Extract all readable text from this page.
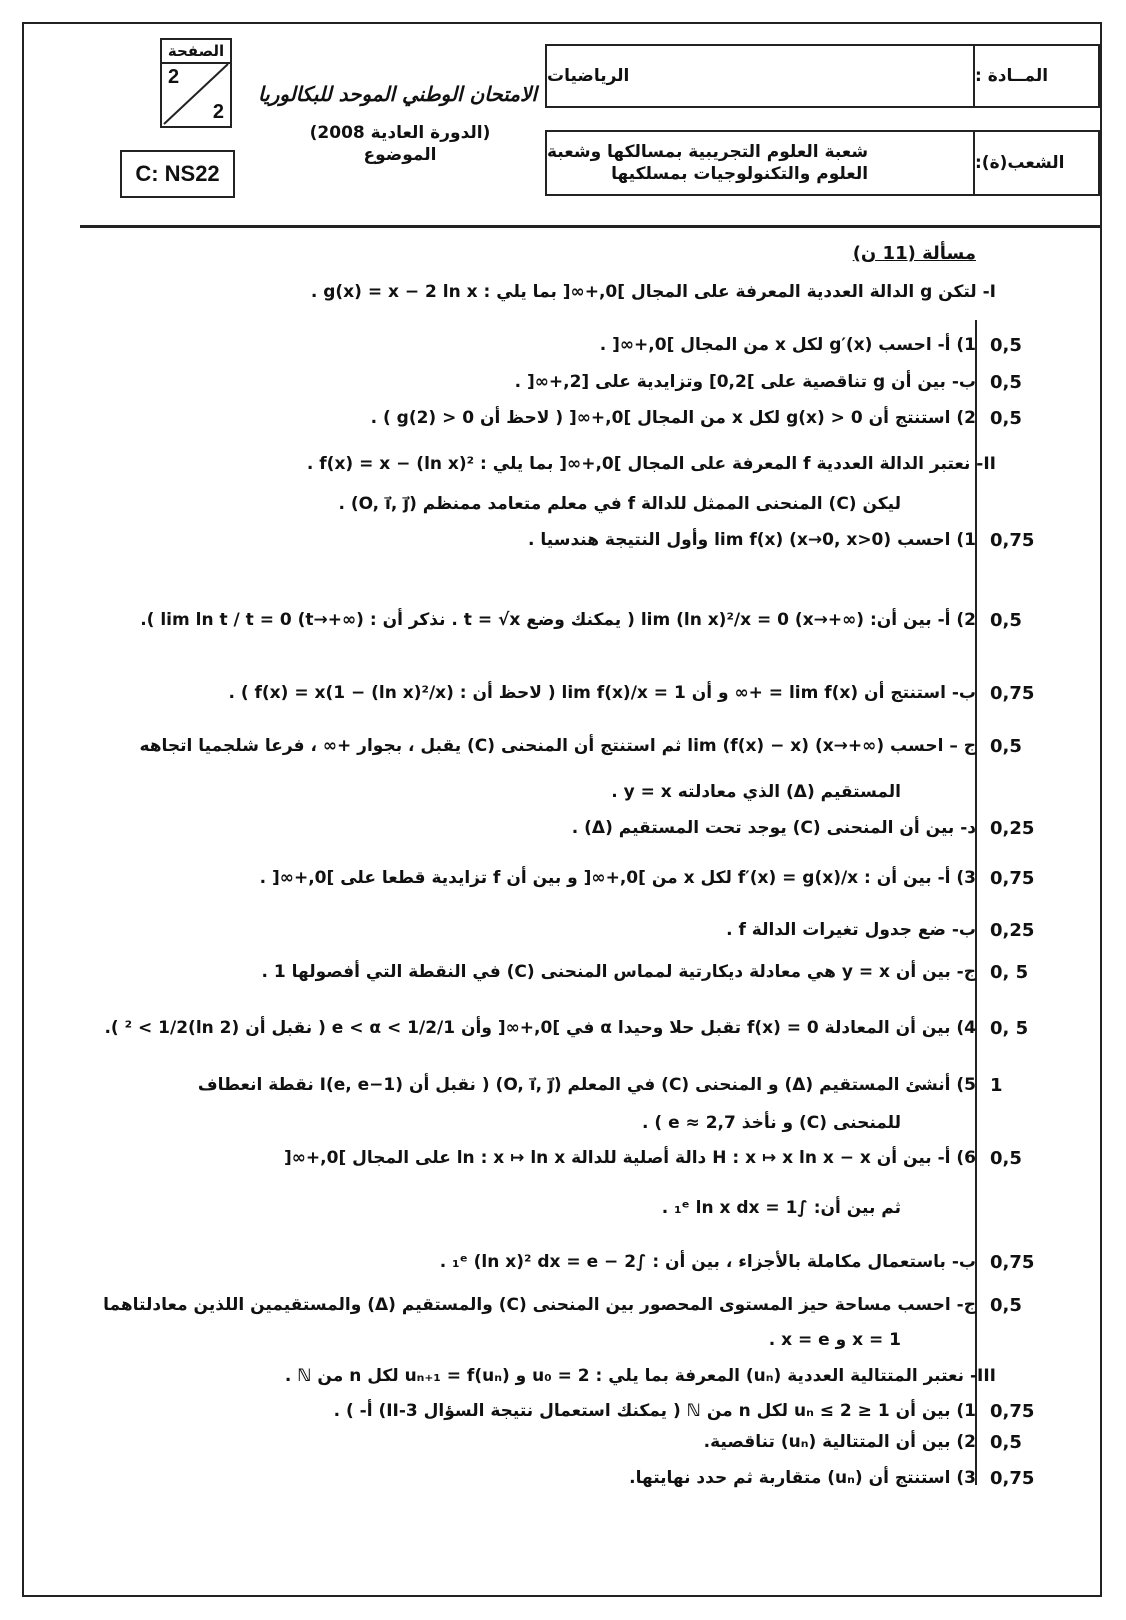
الصفحة
2
2
C: NS22
الامتحان الوطني الموحد للبكالوريا
(الدورة العادية 2008)
الموضوع
المــادة :
الرياضيات
الشعب(ة):
شعبة العلوم التجريبية بمسالكها وشعبة
العلوم والتكنولوجيات بمسلكيها
مسألة (11 ن)
I- لتكن g الدالة العددية المعرفة على المجال ]0,+∞[ بما يلي : g(x) = x − 2 ln x .
1) أ- احسب g′(x) لكل x من المجال ]0,+∞[ . 0,5
ب- بين أن g تناقصية على ]0,2] وتزايدية على [2,+∞[ . 0,5
2) استنتج أن g(x) > 0 لكل x من المجال ]0,+∞[ ( لاحظ أن g(2) > 0 ) . 0,5
II- نعتبر الدالة العددية f المعرفة على المجال ]0,+∞[ بما يلي : f(x) = x − (ln x)² .
ليكن (C) المنحنى الممثل للدالة f في معلم متعامد ممنظم (O, i⃗, j⃗) .
1) احسب lim f(x) (x→0, x>0) وأول النتيجة هندسيا . 0,75
2) أ- بين أن: lim (ln x)²/x = 0 (x→+∞) ( يمكنك وضع t = √x . نذكر أن : lim ln t / t = 0 (t→+∞) ). 0,5
ب- استنتج أن lim f(x) = +∞ و أن lim f(x)/x = 1 ( لاحظ أن : f(x) = x(1 − (ln x)²/x) ) . 0,75
ج – احسب lim (f(x) − x) (x→+∞) ثم استنتج أن المنحنى (C) يقبل ، بجوار +∞ ، فرعا شلجميا اتجاهه 0,5
المستقيم (Δ) الذي معادلته y = x .
د- بين أن المنحنى (C) يوجد تحت المستقيم (Δ) . 0,25
3) أ- بين أن : f′(x) = g(x)/x لكل x من ]0,+∞[ و بين أن f تزايدية قطعا على ]0,+∞[ . 0,75
ب- ضع جدول تغيرات الدالة f . 0,25
ج- بين أن y = x هي معادلة ديكارتية لمماس المنحنى (C) في النقطة التي أفصولها 1 . 0, 5
4) بين أن المعادلة f(x) = 0 تقبل حلا وحيدا α في ]0,+∞[ وأن 1/e < α < 1/2 ( نقبل أن (ln 2)² < 1/2 ). 0, 5
5) أنشئ المستقيم (Δ) و المنحنى (C) في المعلم (O, i⃗, j⃗) ( نقبل أن I(e, e−1) نقطة انعطاف 1
للمنحنى (C) و نأخذ e ≈ 2,7 ) .
6) أ- بين أن H : x ↦ x ln x − x دالة أصلية للدالة ln : x ↦ ln x على المجال ]0,+∞[ 0,5
ثم بين أن: ∫₁ᵉ ln x dx = 1 .
ب- باستعمال مكاملة بالأجزاء ، بين أن : ∫₁ᵉ (ln x)² dx = e − 2 . 0,75
ج- احسب مساحة حيز المستوى المحصور بين المنحنى (C) والمستقيم (Δ) والمستقيمين اللذين معادلتاهما 0,5
x = 1 و x = e .
III- نعتبر المتتالية العددية (uₙ) المعرفة بما يلي : u₀ = 2 و uₙ₊₁ = f(uₙ) لكل n من ℕ .
1) بين أن 1 ≤ uₙ ≤ 2 لكل n من ℕ ( يمكنك استعمال نتيجة السؤال II-3) أ- ) . 0,75
2) بين أن المتتالية (uₙ) تناقصية. 0,5
3) استنتج أن (uₙ) متقاربة ثم حدد نهايتها. 0,75
